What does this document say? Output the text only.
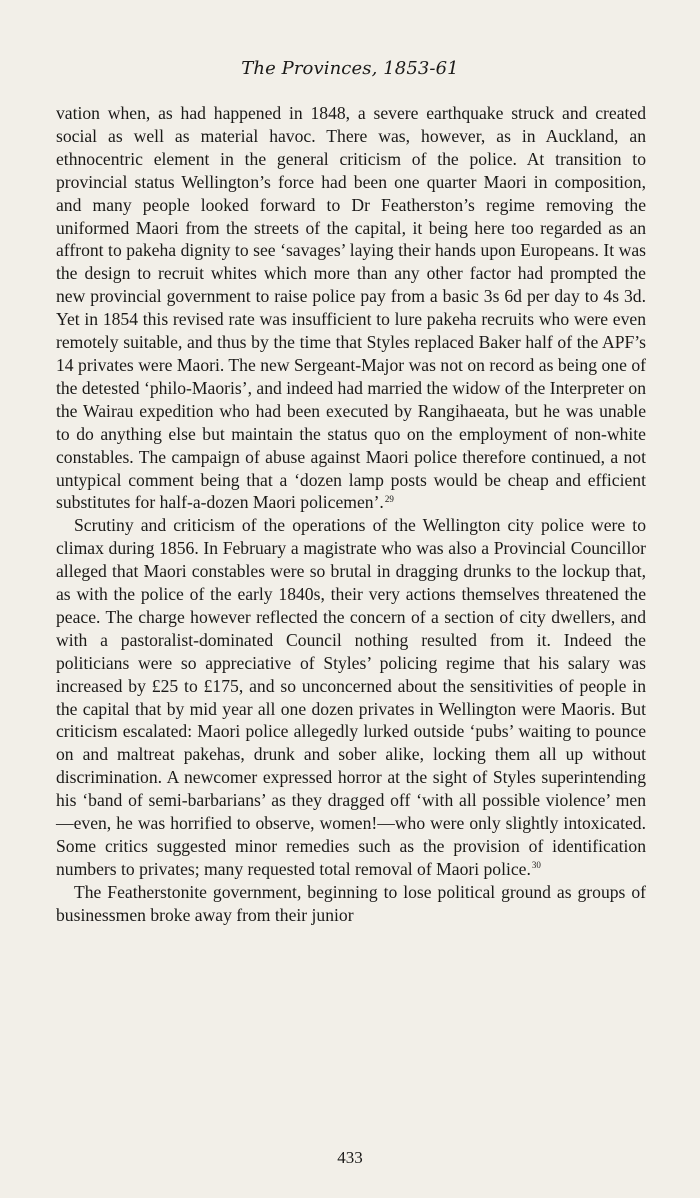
The Provinces, 1853-61

vation when, as had happened in 1848, a severe earthquake struck and created social as well as material havoc. There was, however, as in Auckland, an ethnocentric element in the general criticism of the police. At transition to provincial status Wellington’s force had been one quarter Maori in composition, and many people looked forward to Dr Featherston’s regime removing the uniformed Maori from the streets of the capital, it being here too regarded as an affront to pakeha dignity to see ‘savages’ laying their hands upon Europeans. It was the design to recruit whites which more than any other factor had prompted the new provincial government to raise police pay from a basic 3s 6d per day to 4s 3d. Yet in 1854 this revised rate was insufficient to lure pakeha recruits who were even remotely suitable, and thus by the time that Styles replaced Baker half of the APF’s 14 privates were Maori. The new Sergeant-Major was not on record as being one of the detested ‘philo-Maoris’, and indeed had married the widow of the Interpreter on the Wairau expedition who had been executed by Rangihaeata, but he was unable to do anything else but maintain the status quo on the employment of non-white constables. The campaign of abuse against Maori police therefore continued, a not untypical comment being that a ‘dozen lamp posts would be cheap and efficient substitutes for half-a-dozen Maori policemen’.$^{29}$

Scrutiny and criticism of the operations of the Wellington city police were to climax during 1856. In February a magistrate who was also a Provincial Councillor alleged that Maori constables were so brutal in dragging drunks to the lockup that, as with the police of the early 1840s, their very actions themselves threatened the peace. The charge however reflected the concern of a section of city dwellers, and with a pastoralist-dominated Council nothing resulted from it. Indeed the politicians were so appreciative of Styles’ policing regime that his salary was increased by £25 to £175, and so unconcerned about the sensitivities of people in the capital that by mid year all one dozen privates in Wellington were Maoris. But criticism escalated: Maori police allegedly lurked outside ‘pubs’ waiting to pounce on and maltreat pakehas, drunk and sober alike, locking them all up without discrimination. A newcomer expressed horror at the sight of Styles superintending his ‘band of semi-barbarians’ as they dragged off ‘with all possible violence’ men—even, he was horrified to observe, women!—who were only slightly intoxicated. Some critics suggested minor remedies such as the provision of identification numbers to privates; many requested total removal of Maori police.$^{30}$

The Featherstonite government, beginning to lose political ground as groups of businessmen broke away from their junior

433
